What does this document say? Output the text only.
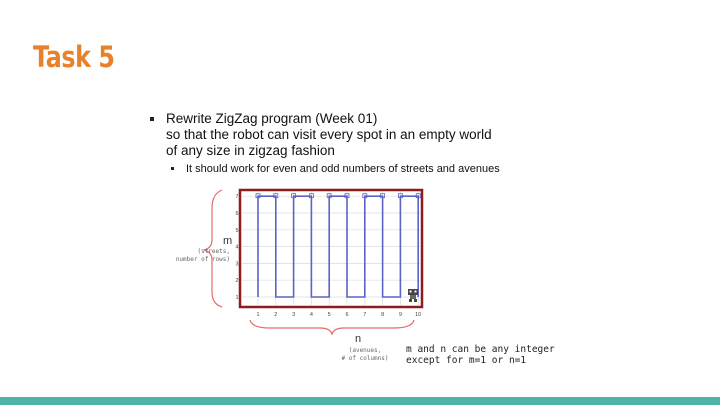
Task 5

Rewrite ZigZag program (Week 01)

so that the robot can visit every spot in an empty world

of any size in zigzag fashion

It should work for even and odd numbers of streets and avenues
1	2	3	4	5	6	7	8	9 10
1
2
3
4
5
6
7
m
(streets,
number of rows)
n
(avenues,
# of columns)
m and n can be any integer
except for m=1 or n=1
